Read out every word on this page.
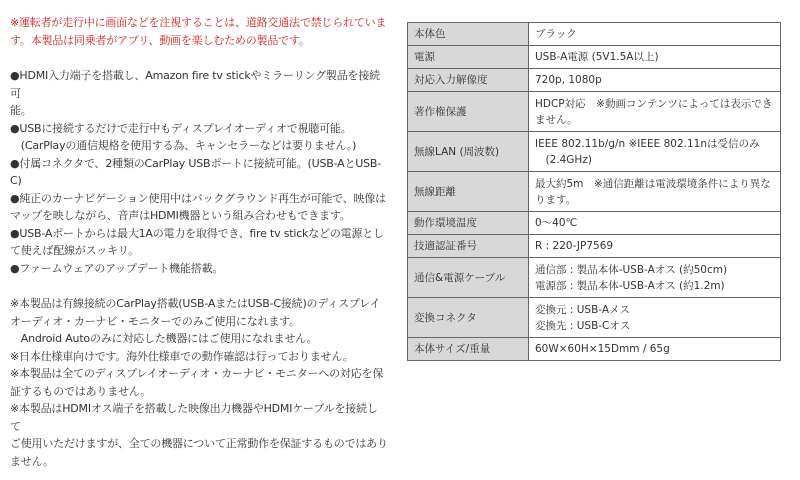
※運転者が走行中に画面などを注視することは、道路交通法で禁じられていま

す。本製品は同乗者がアプリ、動画を楽しむための製品です。

●HDMI入力端子を搭載し、Amazon fire tv stickやミラーリング製品を接続可

能。

●USBに接続するだけで走行中もディスプレイオーディオで視聴可能。

　(CarPlayの通信規格を使用する為、キャンセラーなどは要りません。)

●付属コネクタで、2種類のCarPlay USBポートに接続可能。(USB-AとUSB-

C)

●純正のカーナビゲーション使用中はバックグラウンド再生が可能で、映像は

マップを映しながら、音声はHDMI機器という組み合わせもできます。

●USB-Aポートからは最大1Aの電力を取得でき、fire tv stickなどの電源とし

て使えば配線がスッキリ。

●ファームウェアのアップデート機能搭載。

※本製品は有線接続のCarPlay搭載(USB-AまたはUSB-C接続)のディスプレイ

オーディオ・カーナビ・モニターでのみご使用になれます。

　Android Autoのみに対応した機器にはご使用になれません。

※日本仕様車向けです。海外仕様車での動作確認は行っておりません。

※本製品は全てのディスプレイオーディオ・カーナビ・モニターへの対応を保

証するものではありません。

※本製品はHDMIオス端子を搭載した映像出力機器やHDMIケーブルを接続して

ご使用いただけますが、全ての機器について正常動作を保証するものではあり

ません。

本体色	ブラック

電源	USB-A電源 (5V1.5A以上)

対応入力解像度	720p, 1080p

著作権保護	HDCP対応　※動画コンテンツによっては表示でき
ません。

無線LAN (周波数)	IEEE 802.11b/g/n ※IEEE 802.11nは受信のみ
　(2.4GHz)

無線距離	最大約5m　※通信距離は電波環境条件により異な
ります。

動作環境温度	0〜40℃

技適認証番号	R : 220-JP7569

通信&電源ケーブル	通信部 : 製品本体-USB-Aオス (約50cm)
電源部 : 製品本体-USB-Aオス (約1.2m)

変換コネクタ	変換元 : USB-Aメス
変換先 : USB-Cオス

本体サイズ/重量	60W×60H×15Dmm / 65g
